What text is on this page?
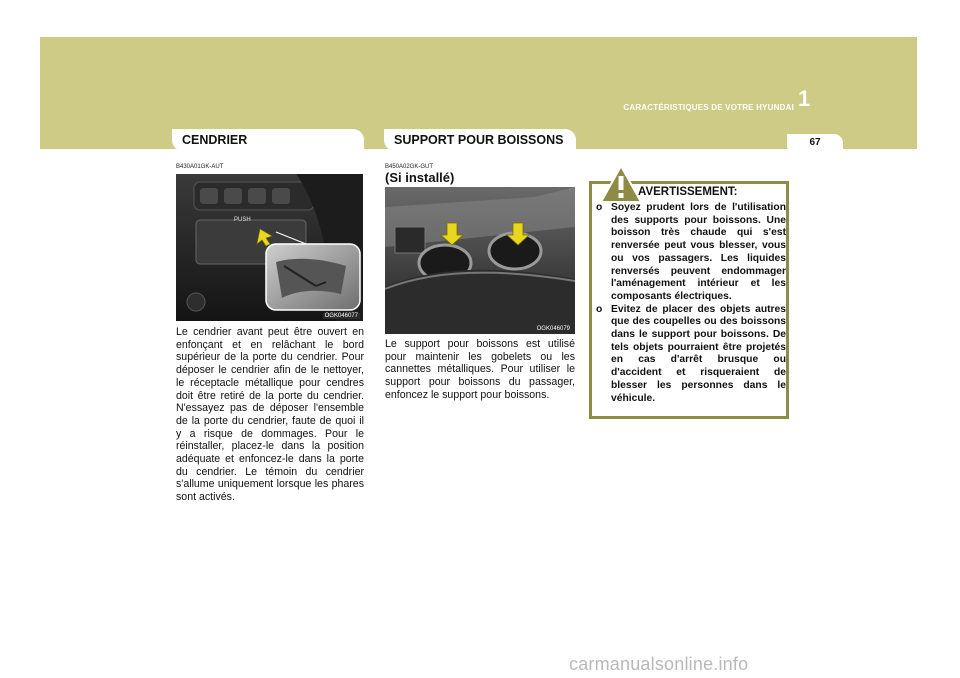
CARACTÉRISTIQUES DE VOTRE HYUNDAI 1
67
CENDRIER
B430A01GK-AUT
PUSH
OGK046077
Le cendrier avant peut être ouvert en enfonçant et en relâchant le bord supérieur de la porte du cendrier. Pour déposer le cendrier afin de le nettoyer, le réceptacle métallique pour cendres doit être retiré de la porte du cendrier. N'essayez pas de déposer l'ensemble de la porte du cendrier, faute de quoi il y a risque de dommages. Pour le réinstaller, placez-le dans la position adéquate et enfoncez-le dans la porte du cendrier. Le témoin du cendrier s'allume uniquement lorsque les phares sont activés.
SUPPORT POUR BOISSONS
B450A02GK-GUT
(Si installé)
OGK046079
Le support pour boissons est utilisé pour maintenir les gobelets ou les cannettes métalliques. Pour utiliser le support pour boissons du passager, enfoncez le support pour boissons.
AVERTISSEMENT:
o Soyez prudent lors de l'utilisation des supports pour boissons. Une boisson très chaude qui s'est renversée peut vous blesser, vous ou vos passagers. Les liquides renversés peuvent endommager l'aménagement intérieur et les composants électriques.
o Evitez de placer des objets autres que des coupelles ou des boissons dans le support pour boissons. De tels objets pourraient être projetés en cas d'arrêt brusque ou d'accident et risqueraient de blesser les personnes dans le véhicule.
carmanualsonline.info
